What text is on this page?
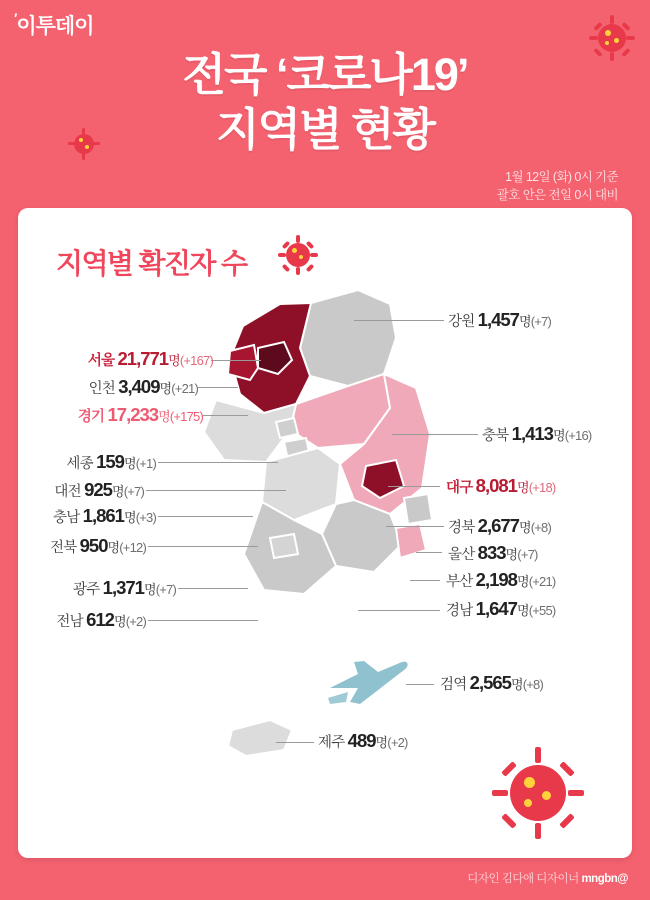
′이투데이
전국 ‘코로나19’
지역별 현황
1월 12일 (화) 0시 기준
괄호 안은 전일 0시 대비
지역별 확진자 수
강원 1,457명(+7)
서울 21,771명(+167)
인천 3,409명(+21)
경기 17,233명(+175)
충북 1,413명(+16)
세종 159명(+1)
대전 925명(+7)
충남 1,861명(+3)
전북 950명(+12)
광주 1,371명(+7)
전남 612명(+2)
대구 8,081명(+18)
경북 2,677명(+8)
울산 833명(+7)
부산 2,198명(+21)
경남 1,647명(+55)
검역 2,565명(+8)
제주 489명(+2)
디자인 김다애 디자이너 mngbn@
